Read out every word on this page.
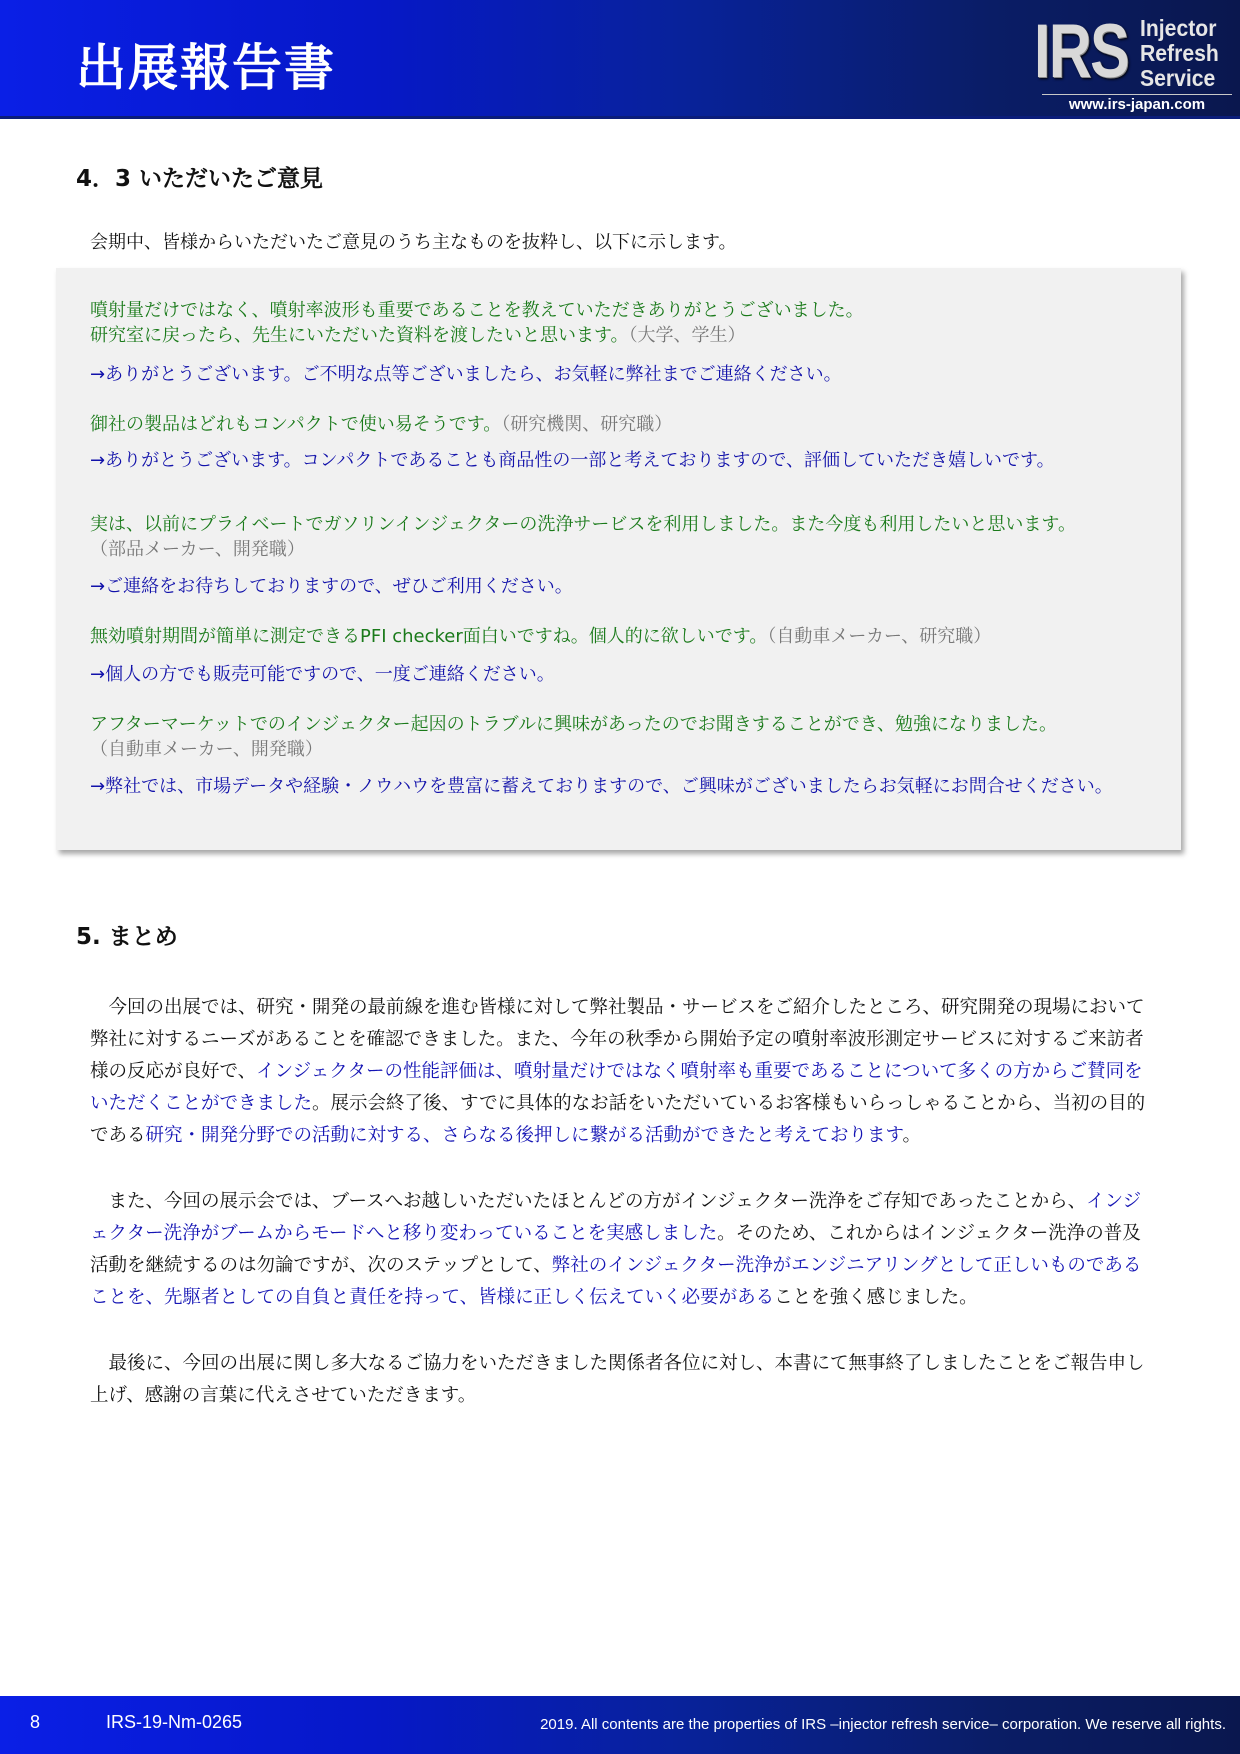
出展報告書	IRS Injector
Refresh
Service
www.irs-japan.com
4．3 いただいたご意見
会期中、皆様からいただいたご意見のうち主なものを抜粋し、以下に示します。
噴射量だけではなく、噴射率波形も重要であることを教えていただきありがとうございました。
研究室に戻ったら、先生にいただいた資料を渡したいと思います。（大学、学生）
→ありがとうございます。ご不明な点等ございましたら、お気軽に弊社までご連絡ください。
御社の製品はどれもコンパクトで使い易そうです。（研究機関、研究職）
→ありがとうございます。コンパクトであることも商品性の一部と考えておりますので、評価していただき嬉しいです。
実は、以前にプライベートでガソリンインジェクターの洗浄サービスを利用しました。また今度も利用したいと思います。
（部品メーカー、開発職）
→ご連絡をお待ちしておりますので、ぜひご利用ください。
無効噴射期間が簡単に測定できるPFI checker面白いですね。個人的に欲しいです。（自動車メーカー、研究職）
→個人の方でも販売可能ですので、一度ご連絡ください。
アフターマーケットでのインジェクター起因のトラブルに興味があったのでお聞きすることができ、勉強になりました。
（自動車メーカー、開発職）
→弊社では、市場データや経験・ノウハウを豊富に蓄えておりますので、ご興味がございましたらお気軽にお問合せください。
5. まとめ
今回の出展では、研究・開発の最前線を進む皆様に対して弊社製品・サービスをご紹介したところ、研究開発の現場において弊社に対するニーズがあることを確認できました。また、今年の秋季から開始予定の噴射率波形測定サービスに対するご来訪者様の反応が良好で、インジェクターの性能評価は、噴射量だけではなく噴射率も重要であることについて多くの方からご賛同をいただくことができました。展示会終了後、すでに具体的なお話をいただいているお客様もいらっしゃることから、当初の目的である研究・開発分野での活動に対する、さらなる後押しに繋がる活動ができたと考えております。
また、今回の展示会では、ブースへお越しいただいたほとんどの方がインジェクター洗浄をご存知であったことから、インジェクター洗浄がブームからモードへと移り変わっていることを実感しました。そのため、これからはインジェクター洗浄の普及活動を継続するのは勿論ですが、次のステップとして、弊社のインジェクター洗浄がエンジニアリングとして正しいものであることを、先駆者としての自負と責任を持って、皆様に正しく伝えていく必要があることを強く感じました。
最後に、今回の出展に関し多大なるご協力をいただきました関係者各位に対し、本書にて無事終了しましたことをご報告申し上げ、感謝の言葉に代えさせていただきます。
8	IRS-19-Nm-0265	2019. All contents are the properties of IRS –injector refresh service– corporation. We reserve all rights.
